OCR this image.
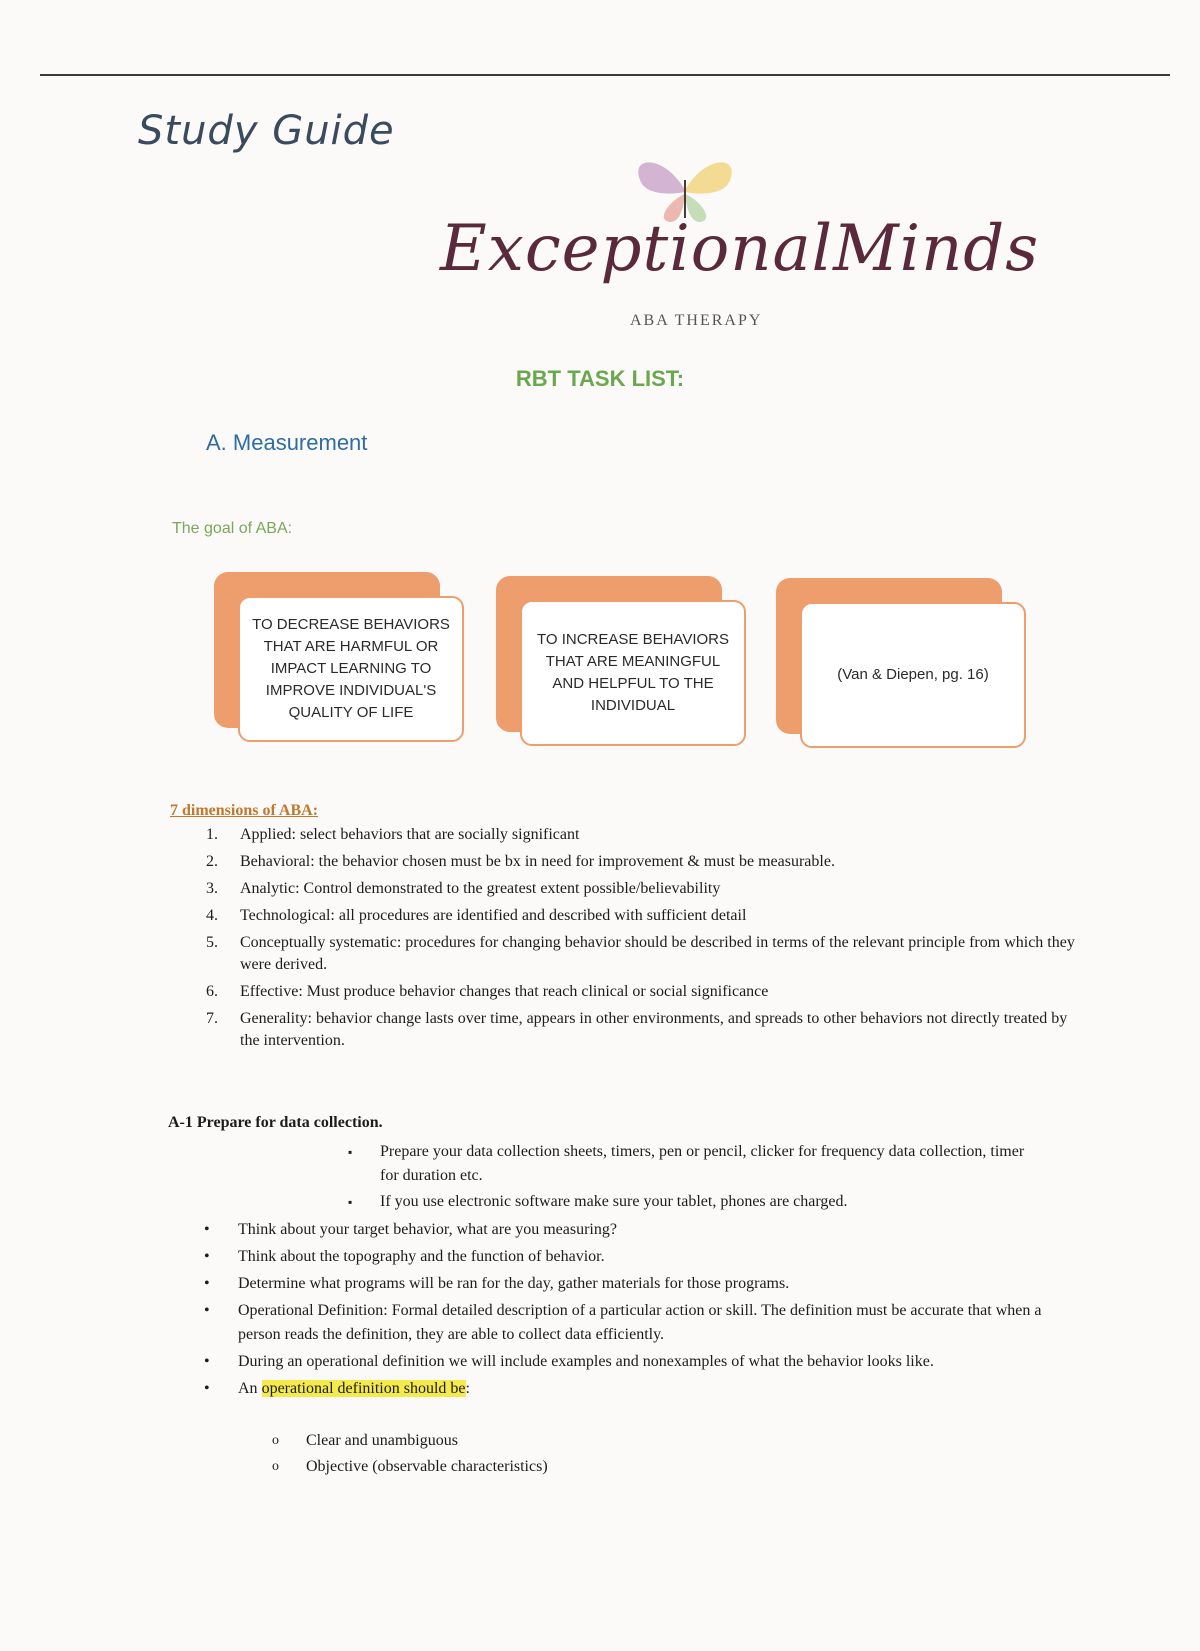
Study Guide
ExceptionalMinds
ABA THERAPY
RBT TASK LIST:
A. Measurement
The goal of ABA:
TO DECREASE BEHAVIORS THAT ARE HARMFUL OR IMPACT LEARNING TO IMPROVE INDIVIDUAL'S QUALITY OF LIFE
TO INCREASE BEHAVIORS THAT ARE MEANINGFUL AND HELPFUL TO THE INDIVIDUAL
(Van & Diepen, pg. 16)
7 dimensions of ABA:
1. Applied: select behaviors that are socially significant
2. Behavioral: the behavior chosen must be bx in need for improvement & must be measurable.
3. Analytic: Control demonstrated to the greatest extent possible/believability
4. Technological: all procedures are identified and described with sufficient detail
5. Conceptually systematic: procedures for changing behavior should be described in terms of the relevant principle from which they were derived.
6. Effective: Must produce behavior changes that reach clinical or social significance
7. Generality: behavior change lasts over time, appears in other environments, and spreads to other behaviors not directly treated by the intervention.
A-1 Prepare for data collection.
▪ Prepare your data collection sheets, timers, pen or pencil, clicker for frequency data collection, timer for duration etc.
▪ If you use electronic software make sure your tablet, phones are charged.
• Think about your target behavior, what are you measuring?
• Think about the topography and the function of behavior.
• Determine what programs will be ran for the day, gather materials for those programs.
• Operational Definition: Formal detailed description of a particular action or skill. The definition must be accurate that when a person reads the definition, they are able to collect data efficiently.
• During an operational definition we will include examples and nonexamples of what the behavior looks like.
• An operational definition should be:
o Clear and unambiguous
o Objective (observable characteristics)
